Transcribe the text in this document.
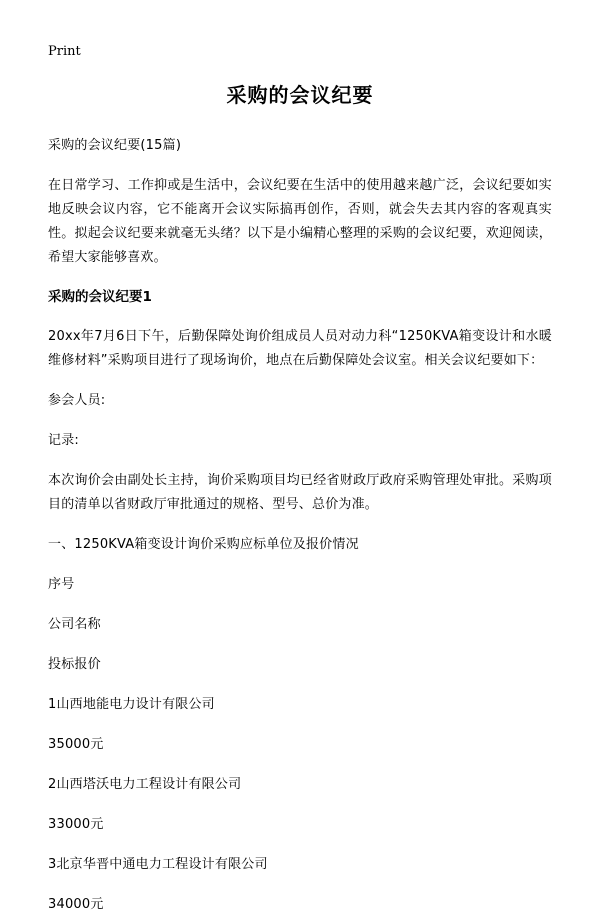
Print
采购的会议纪要

采购的会议纪要(15篇)

在日常学习、工作抑或是生活中，会议纪要在生活中的使用越来越广泛，会议纪要如实地反映会议内容，它不能离开会议实际搞再创作，否则，就会失去其内容的客观真实性。拟起会议纪要来就毫无头绪？以下是小编精心整理的采购的会议纪要，欢迎阅读，希望大家能够喜欢。

采购的会议纪要1

20xx年7月6日下午，后勤保障处询价组成员人员对动力科“1250KVA箱变设计和水暖维修材料”采购项目进行了现场询价，地点在后勤保障处会议室。相关会议纪要如下：

参会人员:

记录:

本次询价会由副处长主持，询价采购项目均已经省财政厅政府采购管理处审批。采购项目的清单以省财政厅审批通过的规格、型号、总价为准。

一、1250KVA箱变设计询价采购应标单位及报价情况

序号

公司名称

投标报价

1山西地能电力设计有限公司

35000元

2山西塔沃电力工程设计有限公司

33000元

3北京华晋中通电力工程设计有限公司

34000元
